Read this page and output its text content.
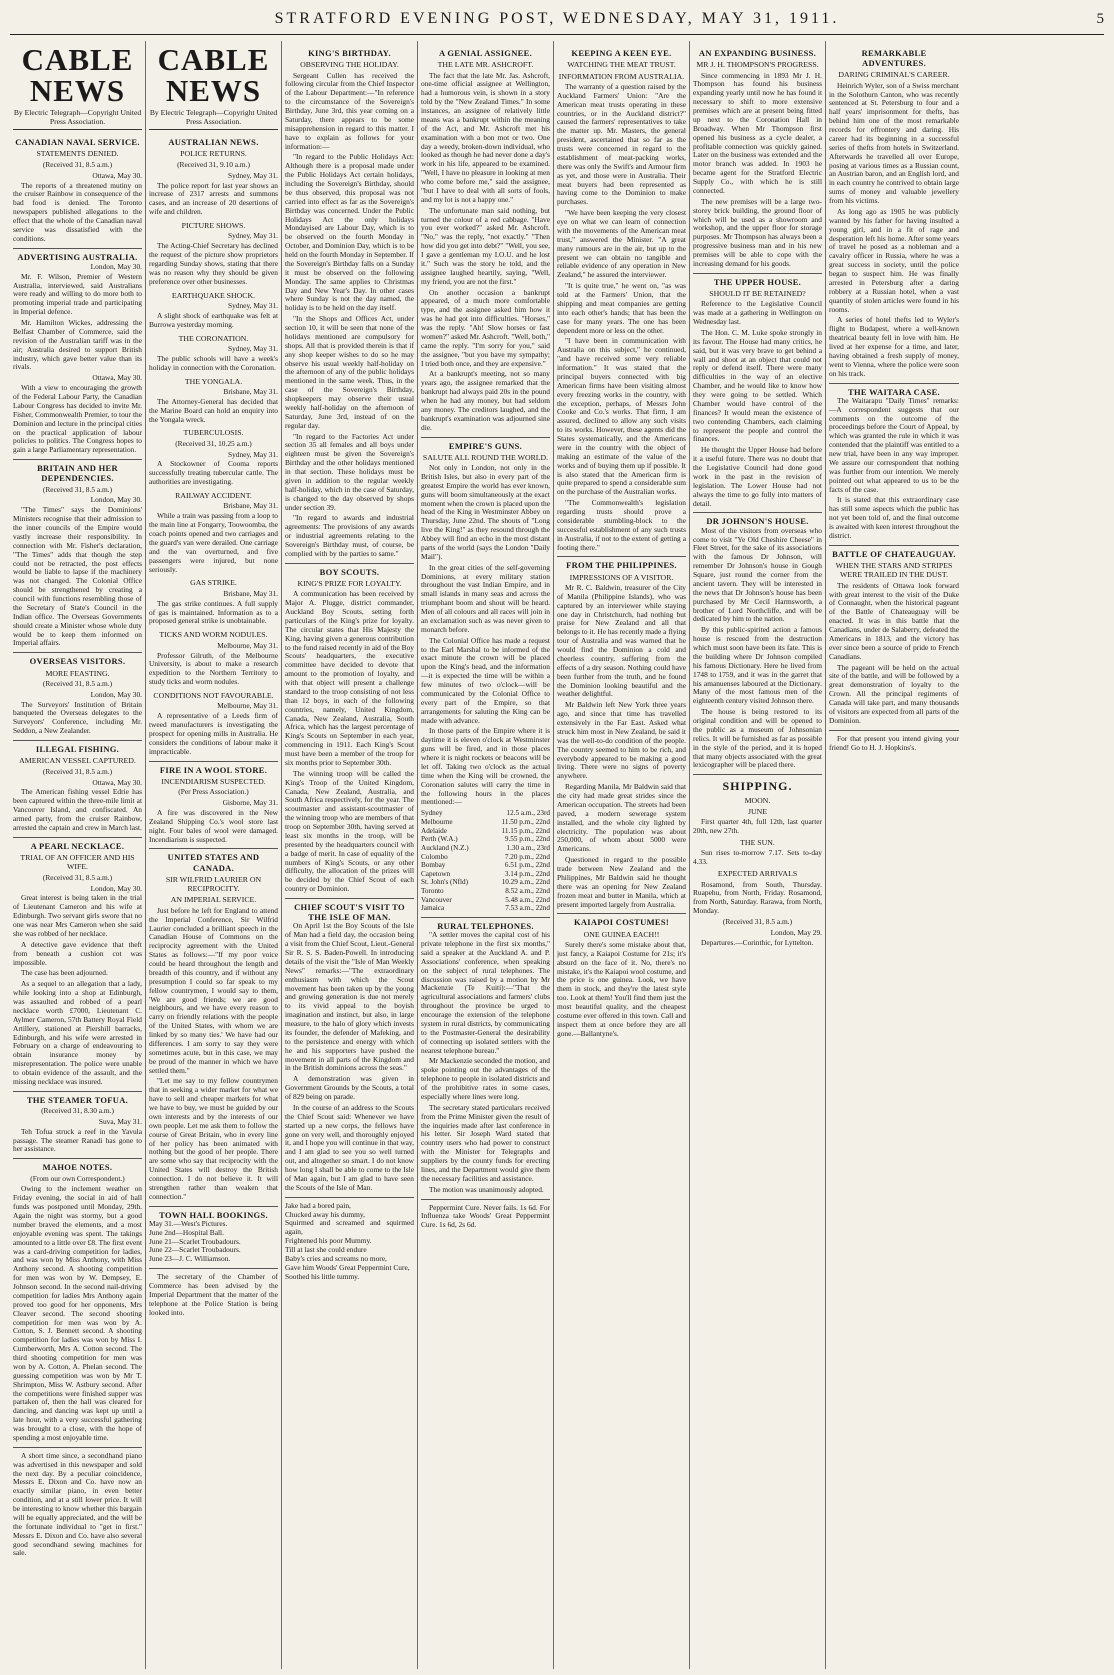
STRATFORD EVENING POST, WEDNESDAY, MAY 31, 1911.	5
CABLE NEWS
By Electric Telegraph—Copyright United Press Association.
CANADIAN NAVAL SERVICE.
STATEMENTS DENIED.
(Received 31, 8.5 a.m.)
Ottawa, May 30.

The reports of a threatened mutiny on the cruiser Rainbow in consequence of the bad food is denied. The Toronto newspapers published allegations to the effect that the whole of the Canadian naval service was dissatisfied with the conditions.

ADVERTISING AUSTRALIA.
London, May 30.

Mr. F. Wilson, Premier of Western Australia, interviewed, said Australians were ready and willing to do more both to promoting imperial trade and participating in Imperial defence.

Mr. Hamilton Wickes, addressing the Belfast Chamber of Commerce, said the revision of the Australian tariff was in the air; Australia desired to support British industry, which gave better value than its rivals.

Ottawa, May 30.

With a view to encouraging the growth of the Federal Labour Party, the Canadian Labour Congress has decided to invite Mr. Fisher, Commonwealth Premier, to tour the Dominion and lecture in the principal cities on the practical application of labour policies to politics. The Congress hopes to gain a large Parliamentary representation.

BRITAIN AND HER DEPENDENCIES.
(Received 31, 8.5 a.m.)
London, May 30.

"The Times" says the Dominions' Ministers recognise that their admission to the inner councils of the Empire would vastly increase their responsibility. In connection with Mr. Fisher's declaration, "The Times" adds that though the step could not be retracted, the post effects would be liable to lapse if the machinery was not changed. The Colonial Office should be strengthened by creating a council with functions resembling those of the Secretary of State's Council in the Indian office. The Overseas Governments should create a Minister whose whole duty would be to keep them informed on Imperial affairs.

OVERSEAS VISITORS.
MORE FEASTING.
(Received 31, 8.5 a.m.)
London, May 30.

The Surveyors' Institution of Britain banqueted the Overseas delegates to the Surveyors' Conference, including Mr. Seddon, a New Zealander.

ILLEGAL FISHING.
AMERICAN VESSEL CAPTURED.
(Received 31, 8.5 a.m.)
Ottawa, May 30.

The American fishing vessel Edrie has been captured within the three-mile limit at Vancouver Island, and confiscated. An armed party, from the cruiser Rainbow, arrested the captain and crew in March last.

A PEARL NECKLACE.
TRIAL OF AN OFFICER AND HIS WIFE.
(Received 31, 8.5 a.m.)
London, May 30.

Great interest is being taken in the trial of Lieutenant Cameron and his wife at Edinburgh. Two servant girls swore that no one was near Mrs Cameron when she said she was robbed of her necklace.

A detective gave evidence that theft from beneath a cushion cot was impossible.

The case has been adjourned.

As a sequel to an allegation that a lady, while looking into a shop at Edinburgh, was assaulted and robbed of a pearl necklace worth £7000, Lieutenant C. Aylmer Cameron, 57th Battery Royal Field Artillery, stationed at Piershill barracks, Edinburgh, and his wife were arrested in February on a charge of endeavouring to obtain insurance money by misrepresentation. The police were unable to obtain evidence of the assault, and the missing necklace was insured.

THE STEAMER TOFUA.
(Received 31, 8.30 a.m.)
Suva, May 31.

Teh Tofua struck a reef in the Yavula passage. The steamer Ranadi has gone to her assistance.

MAHOE NOTES.
(From our own Correspondent.)

Owing to the inclement weather on Friday evening, the social in aid of hall funds was postponed until Monday, 29th. Again the night was stormy, but a good number braved the elements, and a most enjoyable evening was spent. The takings amounted to a little over £8. The first event was a card-driving competition for ladies, and was won by Miss Anthony, with Miss Anthony second. A shooting competition for men was won by W. Dempsey, E. Johnson second. In the second nail-driving competition for ladies Mrs Anthony again proved too good for her opponents, Mrs Cleaver second. The second shooting competition for men was won by A. Cotton, S. J. Bennett second. A shooting competition for ladies was won by Miss I. Cumberworth, Mrs A. Cotton second. The third shooting competition for men was won by A. Cotton, A. Phelan second. The guessing competition was won by Mr T. Shrimpton, Miss W. Astbury second. After the competitions were finished supper was partaken of, then the hall was cleared for dancing, and dancing was kept up until a late hour, with a very successful gathering was brought to a close, with the hope of spending a most enjoyable time.

A short time since, a secondhand piano was advertised in this newspaper and sold the next day. By a peculiar coincidence, Messrs E. Dixon and Co. have now an exactly similar piano, in even better condition, and at a still lower price. It will be interesting to know whether this bargain will be equally appreciated, and the will be the fortunate individual to "get in first." Messrs E. Dixon and Co. have also several good secondhand sewing machines for sale.

CABLE NEWS
By Electric Telegraph—Copyright United Press Association.
AUSTRALIAN NEWS.
POLICE RETURNS.
(Received 31, 9.10 a.m.)
Sydney, May 31.

The police report for last year shows an increase of 2317 arrests and summons cases, and an increase of 20 desertions of wife and children.

PICTURE SHOWS.
Sydney, May 31.

The Acting-Chief Secretary has declined the request of the picture show proprietors regarding Sunday shows, stating that there was no reason why they should be given preference over other businesses.

EARTHQUAKE SHOCK.
Sydney, May 31.

A slight shock of earthquake was felt at Burrowa yesterday morning.

THE CORONATION.
Sydney, May 31.

The public schools will have a week's holiday in connection with the Coronation.

THE YONGALA.
Brisbane, May 31.

The Attorney-General has decided that the Marine Board can hold an enquiry into the Yongala wreck.

TUBERCULOSIS.
(Received 31, 10.25 a.m.)
Sydney, May 31.

A Stockowner of Cooma reports successfully treating tubercular cattle. The authorities are investigating.

RAILWAY ACCIDENT.
Brisbane, May 31.

While a train was passing from a loop to the main line at Fongarry, Toowoomba, the coach points opened and two carriages and the guard's van were derailed. One carriage and the van overturned, and five passengers were injured, but none seriously.

GAS STRIKE.
Brisbane, May 31.

The gas strike continues. A full supply of gas is maintained. Information as to a proposed general strike is unobtainable.

TICKS AND WORM NODULES.
Melbourne, May 31.

Professor Gilruth, of the Melbourne University, is about to make a research expedition to the Northern Territory to study ticks and worm nodules.

CONDITIONS NOT FAVOURABLE.
Melbourne, May 31.

A representative of a Leeds firm of tweed manufacturers is investigating the prospect for opening mills in Australia. He considers the conditions of labour make it impracticable.

FIRE IN A WOOL STORE.
INCENDIARISM SUSPECTED.
(Per Press Association.)
Gisborne, May 31.

A fire was discovered in the New Zealand Shipping Co.'s wool store last night. Four bales of wool were damaged. Incendiarism is suspected.

UNITED STATES AND CANADA.
SIR WILFRID LAURIER ON RECIPROCITY.
AN IMPERIAL SERVICE.

Just before he left for England to attend the Imperial Conference, Sir Wilfrid Laurier concluded a brilliant speech in the Canadian House of Commons on the reciprocity agreement with the United States as follows:—"If my poor voice could be heard throughout the length and breadth of this country, and if without any presumption I could so far speak to my fellow countrymen, I would say to them, 'We are good friends; we are good neighbours, and we have every reason to carry on friendly relations with the people of the United States, with whom we are linked by so many ties.' We have had our differences. I am sorry to say they were sometimes acute, but in this case, we may be proud of the manner in which we have settled them."

"Let me say to my fellow countrymen that in seeking a wider market for what we have to sell and cheaper markets for what we have to buy, we must be guided by our own interests and by the interests of our own people. Let me ask them to follow the course of Great Britain, who in every line of her policy has been animated with nothing but the good of her people. There are some who say that reciprocity with the United States will destroy the British connection. I do not believe it. It will strengthen rather than weaken that connection."

TOWN HALL BOOKINGS.
May 31.—West's Pictures.
June 2nd—Hospital Ball.
June 21—Scarlet Troubadours.
June 22—Scarlet Troubadours.
June 23—J. C. Williamson.

The secretary of the Chamber of Commerce has been advised by the Imperial Department that the matter of the telephone at the Police Station is being looked into.

KING'S BIRTHDAY.
OBSERVING THE HOLIDAY.

Sergeant Cullen has received the following circular from the Chief Inspector of the Labour Department:—"In reference to the circumstance of the Sovereign's Birthday, June 3rd, this year coming on a Saturday, there appears to be some misapprehension in regard to this matter. I have to explain as follows for your information:—

"In regard to the Public Holidays Act: Although there is a proposal made under the Public Holidays Act certain holidays, including the Sovereign's Birthday, should be thus observed, this proposal was not carried into effect as far as the Sovereign's Birthday was concerned. Under the Public Holidays Act the only holidays Mondayised are Labour Day, which is to be observed on the fourth Monday in October, and Dominion Day, which is to be held on the fourth Monday in September. If the Sovereign's Birthday falls on a Sunday it must be observed on the following Monday. The same applies to Christmas Day and New Year's Day. In other cases where Sunday is not the day named, the holiday is to be held on the day itself.

"In the Shops and Offices Act, under section 10, it will be seen that none of the holidays mentioned are compulsory for shops. All that is provided therein is that if any shop keeper wishes to do so he may observe his usual weekly half-holiday on the afternoon of any of the public holidays mentioned in the same week. Thus, in the case of the Sovereign's Birthday, shopkeepers may observe their usual weekly half-holiday on the afternoon of Saturday, June 3rd, instead of on the regular day.

"In regard to the Factories Act under section 35 all females and all boys under eighteen must be given the Sovereign's Birthday and the other holidays mentioned in that section. These holidays must be given in addition to the regular weekly half-holiday, which in the case of Saturday, is changed to the day observed by shops under section 39.

"In regard to awards and industrial agreements: The provisions of any awards or industrial agreements relating to the Sovereign's Birthday must, of course, be complied with by the parties to same."

BOY SCOUTS.
KING'S PRIZE FOR LOYALTY.

A communication has been received by Major A. Plugge, district commander, Auckland Boy Scouts, setting forth particulars of the King's prize for loyalty. The circular states that His Majesty the King, having given a generous contribution to the fund raised recently in aid of the Boy Scouts' headquarters, the executive committee have decided to devote that amount to the promotion of loyalty, and with that object will present a challenge standard to the troop consisting of not less than 12 boys, in each of the following countries, namely, United Kingdom, Canada, New Zealand, Australia, South Africa, which has the largest percentage of King's Scouts on September in each year, commencing in 1911. Each King's Scout must have been a member of the troop for six months prior to September 30th.

The winning troop will be called the King's Troop of the United Kingdom, Canada, New Zealand, Australia, and South Africa respectively, for the year. The scoutmaster and assistant-scoutmaster of the winning troop who are members of that troop on September 30th, having served at least six months in the troop, will be presented by the headquarters council with a badge of merit. In case of equality of the numbers of King's Scouts, or any other difficulty, the allocation of the prizes will be decided by the Chief Scout of each country or Dominion.

CHIEF SCOUT'S VISIT TO THE ISLE OF MAN.

On April 1st the Boy Scouts of the Isle of Man had a field day, the occasion being a visit from the Chief Scout, Lieut.-General Sir R. S. S. Baden-Powell. In introducing details of the visit the "Isle of Man Weekly News" remarks:—"The extraordinary enthusiasm with which the Scout movement has been taken up by the young and growing generation is due not merely to its vivid appeal to the boyish imagination and instinct, but also, in large measure, to the halo of glory which invests its founder, the defender of Mafeking, and to the persistence and energy with which he and his supporters have pushed the movement in all parts of the Kingdom and in the British dominions across the seas."

A demonstration was given in Government Grounds by the Scouts, a total of 829 being on parade.

In the course of an address to the Scouts the Chief Scout said: Whenever we have started up a new corps, the fellows have gone on very well, and thoroughly enjoyed it, and I hope you will continue in that way, and I am glad to see you so well turned out, and altogether so smart. I do not know how long I shall be able to come to the Isle of Man again, but I am glad to have seen the Scouts of the Isle of Man.

Jake had a bored pain,
Chucked away his dummy,
Squirmed and screamed and squirmed again,
Frightened his poor Mummy.
Till at last she could endure
Baby's cries and screams no more,
Gave him Woods' Great Peppermint Cure,
Soothed his little tummy.

A GENIAL ASSIGNEE.
THE LATE MR. ASHCROFT.

The fact that the late Mr. Jas. Ashcroft, one-time official assignee at Wellington, had a humorous vein, is shown in a story told by the "New Zealand Times." In some instances, an assignee of relatively little means was a bankrupt within the meaning of the Act, and Mr. Ashcroft met his examination with a bon mot or two. One day a weedy, broken-down individual, who looked as though he had never done a day's work in his life, appeared to be examined. "Well, I have no pleasure in looking at men who come before me," said the assignee, "but I have to deal with all sorts of fools, and my lot is not a happy one."

The unfortunate man said nothing, but turned the colour of a red cabbage. "Have you ever worked?" asked Mr. Ashcroft. "No," was the reply, "not exactly." "Then how did you get into debt?" "Well, you see, I gave a gentleman my I.O.U. and he lost it." Such was the story he told, and the assignee laughed heartily, saying, "Well, my friend, you are not the first."

On another occasion a bankrupt appeared, of a much more comfortable type, and the assignee asked him how it was he had got into difficulties. "Horses," was the reply. "Ah! Slow horses or fast women?" asked Mr. Ashcroft. "Well, both," came the reply. "I'm sorry for you," said the assignee, "but you have my sympathy; I tried both once, and they are expensive."

At a bankrupt's meeting, not so many years ago, the assignee remarked that the bankrupt had always paid 20s in the pound when he had any money, but had seldom any money. The creditors laughed, and the bankrupt's examination was adjourned sine die.

EMPIRE'S GUNS.
SALUTE ALL ROUND THE WORLD.

Not only in London, not only in the British Isles, but also in every part of the greatest Empire the world has ever known, guns will boom simultaneously at the exact moment when the crown is placed upon the head of the King in Westminster Abbey on Thursday, June 22nd. The shouts of "Long live the King!" as they resound through the Abbey will find an echo in the most distant parts of the world (says the London "Daily Mail").

In the great cities of the self-governing Dominions, at every military station throughout the vast Indian Empire, and in small islands in many seas and across the triumphant boom and shout will be heard. Men of all colours and all races will join in an exclamation such as was never given to monarch before.

The Colonial Office has made a request to the Earl Marshal to be informed of the exact minute the crown will be placed upon the King's head, and the information—it is expected the time will be within a few minutes of two o'clock—will be communicated by the Colonial Office to every part of the Empire, so that arrangements for saluting the King can be made with advance.

In those parts of the Empire where it is daytime it is eleven o'clock at Westminster guns will be fired, and in those places where it is night rockets or beacons will be let off. Taking two o'clock as the actual time when the King will be crowned, the Coronation salutes will carry the time in the following hours in the places mentioned:—

Sydney	12.5 a.m., 23rd
Melbourne	11.50 p.m., 22nd
Adelaide	11.15 p.m., 22nd
Perth (W.A.)	9.55 p.m., 22nd
Auckland (N.Z.)	1.30 a.m., 23rd
Colombo	7.20 p.m., 22nd
Bombay	6.51 p.m., 22nd
Capetown	3.14 p.m., 22nd
St. John's (Nfld)	10.29 a.m., 22nd
Toronto	8.52 a.m., 22nd
Vancouver	5.48 a.m., 22nd
Jamaica	7.53 a.m., 22nd
RURAL TELEPHONES.

"A settler moves the capital cost of his private telephone in the first six months," said a speaker at the Auckland A. and P. Associations' conference, when speaking on the subject of rural telephones. The discussion was raised by a motion by Mr Mackenzie (Te Kuiti):—"That the agricultural associations and farmers' clubs throughout the province be urged to encourage the extension of the telephone system in rural districts, by communicating to the Postmaster-General the desirability of connecting up isolated settlers with the nearest telephone bureau."

Mr Mackenzie seconded the motion, and spoke pointing out the advantages of the telephone to people in isolated districts and of the prohibitive rates in some cases, especially where lines were long.

The secretary stated particulars received from the Prime Minister given the result of the inquiries made after last conference in his letter. Sir Joseph Ward stated that country users who had power to construct with the Minister for Telegraphs and suppliers by the county funds for erecting lines, and the Department would give them the necessary facilities and assistance.

The motion was unanimously adopted.

Peppermint Cure. Never fails. 1s 6d. For Influenza take Woods' Great Peppermint Cure. 1s 6d, 2s 6d.

KEEPING A KEEN EYE.
WATCHING THE MEAT TRUST.
INFORMATION FROM AUSTRALIA.

The warranty of a question raised by the Auckland Farmers' Union: "Are the American meat trusts operating in these countries, or in the Auckland district?" caused the farmers' representatives to take the matter up. Mr. Masters, the general president, ascertained that so far as the trusts were concerned in regard to the establishment of meat-packing works, there was only the Swift's and Armour firm as yet, and those were in Australia. Their meat buyers had been represented as having come to the Dominion to make purchases.

"We have been keeping the very closest eye on what we can learn of connection with the movements of the American meat trust," answered the Minister. "A great many rumours are in the air, but up to the present we can obtain no tangible and reliable evidence of any operation in New Zealand," he assured the interviewer.

"It is quite true," he went on, "as was told at the Farmers' Union, that the shipping and meat companies are getting into each other's hands; that has been the case for many years. The one has been dependent more or less on the other.

"I have been in communication with Australia on this subject," he continued, "and have received some very reliable information." It was stated that the principal buyers connected with big American firms have been visiting almost every freezing works in the country, with the exception, perhaps, of Messrs John Cooke and Co.'s works. That firm, I am assured, declined to allow any such visits to its works. However, these agents did the States systematically, and the Americans were in the country with the object of making an estimate of the value of the works and of buying them up if possible. It is also stated that the American firm is quite prepared to spend a considerable sum on the purchase of the Australian works.

"The Commonwealth's legislation regarding trusts should prove a considerable stumbling-block to the successful establishment of any such trusts in Australia, if not to the extent of getting a footing there."

FROM THE PHILIPPINES.
IMPRESSIONS OF A VISITOR.

Mr R. C. Baldwin, treasurer of the City of Manila (Philippine Islands), who was captured by an interviewer while staying one day in Christchurch, had nothing but praise for New Zealand and all that belongs to it. He has recently made a flying tour of Australia and was warned that he would find the Dominion a cold and cheerless country, suffering from the effects of a dry season. Nothing could have been further from the truth, and he found the Dominion looking beautiful and the weather delightful.

Mr Baldwin left New York three years ago, and since that time has travelled extensively in the Far East. Asked what struck him most in New Zealand, he said it was the well-to-do condition of the people. The country seemed to him to be rich, and everybody appeared to be making a good living. There were no signs of poverty anywhere.

Regarding Manila, Mr Baldwin said that the city had made great strides since the American occupation. The streets had been paved, a modern sewerage system installed, and the whole city lighted by electricity. The population was about 250,000, of whom about 5000 were Americans.

Questioned in regard to the possible trade between New Zealand and the Philippines, Mr Baldwin said he thought there was an opening for New Zealand frozen meat and butter in Manila, which at present imported largely from Australia.

KAIAPOI COSTUMES!
ONE GUINEA EACH!!

Surely there's some mistake about that, just fancy, a Kaiapoi Costume for 21s; it's absurd on the face of it. No, there's no mistake, it's the Kaiapoi wool costume, and the price is one guinea. Look, we have them in stock, and they're the latest style too. Look at them! You'll find them just the most beautiful quality, and the cheapest costume ever offered in this town. Call and inspect them at once before they are all gone.—Ballantyne's.

AN EXPANDING BUSINESS.
MR J. H. THOMPSON'S PROGRESS.

Since commencing in 1893 Mr J. H. Thompson has found his business expanding yearly until now he has found it necessary to shift to more extensive premises which are at present being fitted up next to the Coronation Hall in Broadway. When Mr Thompson first opened his business as a cycle dealer, a profitable connection was quickly gained. Later on the business was extended and the motor branch was added. In 1903 he became agent for the Stratford Electric Supply Co., with which he is still connected.

The new premises will be a large two-storey brick building, the ground floor of which will be used as a showroom and workshop, and the upper floor for storage purposes. Mr Thompson has always been a progressive business man and in his new premises will be able to cope with the increasing demand for his goods.

THE UPPER HOUSE.
SHOULD IT BE RETAINED?

Reference to the Legislative Council was made at a gathering in Wellington on Wednesday last.

The Hon. C. M. Luke spoke strongly in its favour. The House had many critics, he said, but it was very brave to get behind a wall and shoot at an object that could not reply or defend itself. There were many difficulties in the way of an elective Chamber, and he would like to know how they were going to be settled. Which Chamber would have control of the finances? It would mean the existence of two contending Chambers, each claiming to represent the people and control the finances.

He thought the Upper House had before it a useful future. There was no doubt that the Legislative Council had done good work in the past in the revision of legislation. The Lower House had not always the time to go fully into matters of detail.

DR JOHNSON'S HOUSE.

Most of the visitors from overseas who come to visit "Ye Old Cheshire Cheese" in Fleet Street, for the sake of its associations with the famous Dr Johnson, will remember Dr Johnson's house in Gough Square, just round the corner from the ancient tavern. They will be interested in the news that Dr Johnson's house has been purchased by Mr Cecil Harmsworth, a brother of Lord Northcliffe, and will be dedicated by him to the nation.

By this public-spirited action a famous house is rescued from the destruction which must soon have been its fate. This is the building where Dr Johnson compiled his famous Dictionary. Here he lived from 1748 to 1759, and it was in the garret that his amanuenses laboured at the Dictionary. Many of the most famous men of the eighteenth century visited Johnson there.

The house is being restored to its original condition and will be opened to the public as a museum of Johnsonian relics. It will be furnished as far as possible in the style of the period, and it is hoped that many objects associated with the great lexicographer will be placed there.

SHIPPING.
MOON.
JUNE

First quarter 4th, full 12th, last quarter 20th, new 27th.

THE SUN.

Sun rises to-morrow 7.17. Sets to-day 4.33.

EXPECTED ARRIVALS

Rosamond, from South, Thursday. Ruapehu, from North, Friday. Rosamond, from North, Saturday. Rarawa, from North, Monday.

(Received 31, 8.5 a.m.)
London, May 29.

Departures.—Corinthic, for Lyttelton.

REMARKABLE ADVENTURES.
DARING CRIMINAL'S CAREER.

Heinrich Wyler, son of a Swiss merchant in the Solothurn Canton, who was recently sentenced at St. Petersburg to four and a half years' imprisonment for thefts, has behind him one of the most remarkable records for effrontery and daring. His career had its beginning in a successful series of thefts from hotels in Switzerland. Afterwards he travelled all over Europe, posing at various times as a Russian count, an Austrian baron, and an English lord, and in each country he contrived to obtain large sums of money and valuable jewellery from his victims.

As long ago as 1905 he was publicly wanted by his father for having insulted a young girl, and in a fit of rage and desperation left his home. After some years of travel he posed as a nobleman and a cavalry officer in Russia, where he was a great success in society, until the police began to suspect him. He was finally arrested in Petersburg after a daring robbery at a Russian hotel, when a vast quantity of stolen articles were found in his rooms.

A series of hotel thefts led to Wyler's flight to Budapest, where a well-known theatrical beauty fell in love with him. He lived at her expense for a time, and later, having obtained a fresh supply of money, went to Vienna, where the police were soon on his track.

THE WAITARA CASE.

The Waitarapu "Daily Times" remarks:—A correspondent suggests that our comments on the outcome of the proceedings before the Court of Appeal, by which was granted the rule in which it was contended that the plaintiff was entitled to a new trial, have been in any way improper. We assure our correspondent that nothing was further from our intention. We merely pointed out what appeared to us to be the facts of the case.

It is stated that this extraordinary case has still some aspects which the public has not yet been told of, and the final outcome is awaited with keen interest throughout the district.

BATTLE OF CHATEAUGUAY.
WHEN THE STARS AND STRIPES WERE TRAILED IN THE DUST.

The residents of Ottawa look forward with great interest to the visit of the Duke of Connaught, when the historical pageant of the Battle of Chateauguay will be enacted. It was in this battle that the Canadians, under de Salaberry, defeated the Americans in 1813, and the victory has ever since been a source of pride to French Canadians.

The pageant will be held on the actual site of the battle, and will be followed by a great demonstration of loyalty to the Crown. All the principal regiments of Canada will take part, and many thousands of visitors are expected from all parts of the Dominion.

For that present you intend giving your friend! Go to H. J. Hopkins's.
